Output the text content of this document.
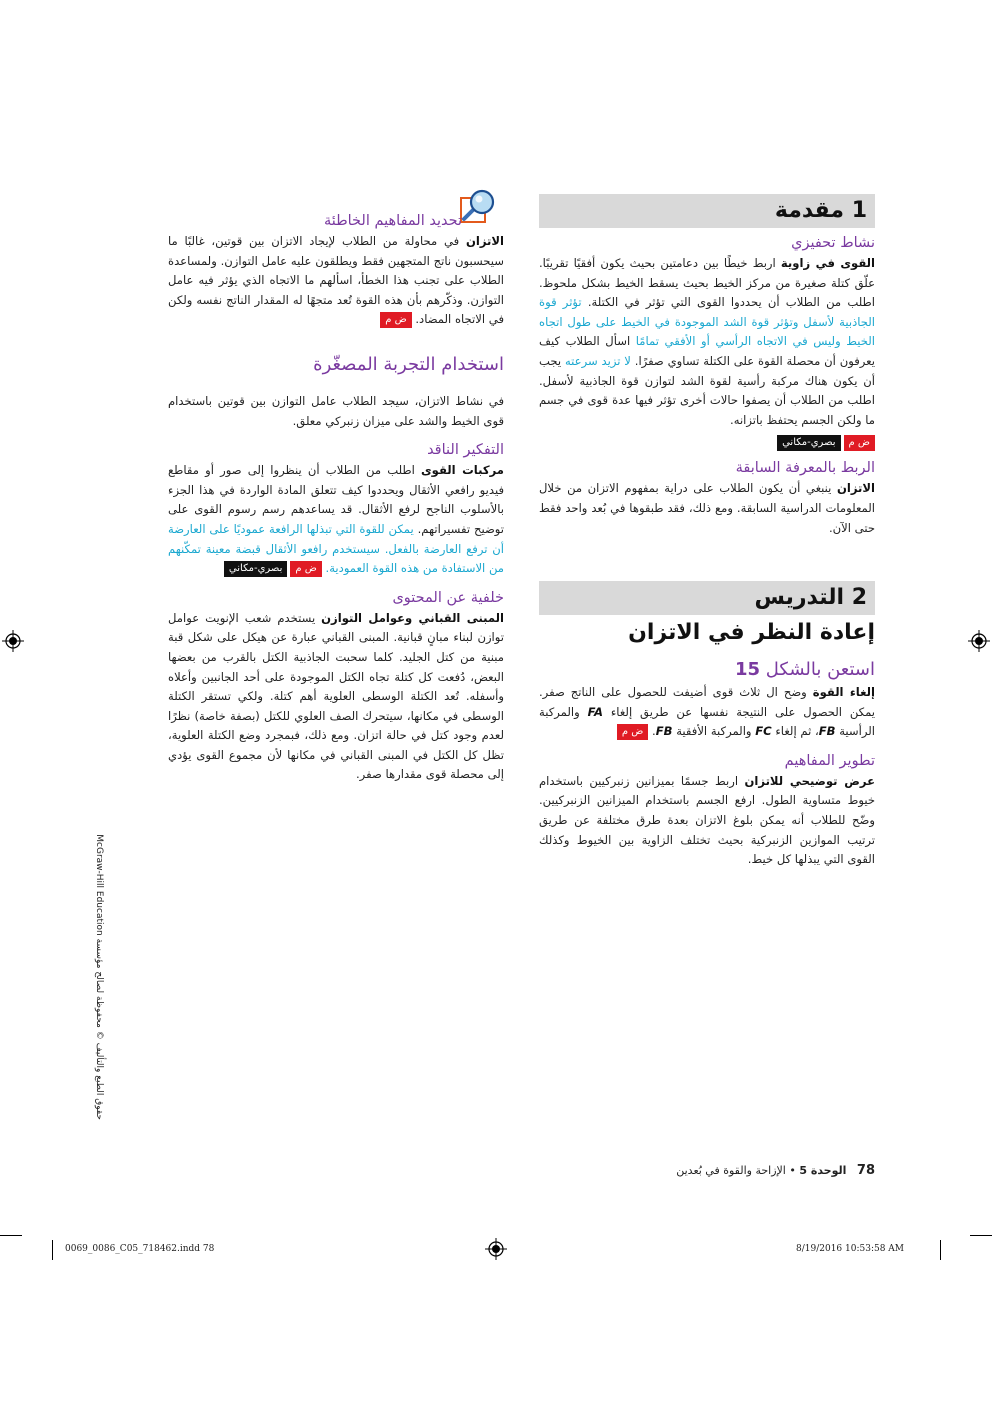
1 مقدمة

نشاط تحفيزي

القوى في زاوية اربط خيطًا بين دعامتين بحيث يكون أفقيًا تقريبًا. علّق كتلة صغيرة من مركز الخيط بحيث يسقط الخيط بشكل ملحوظ. اطلب من الطلاب أن يحددوا القوى التي تؤثر في الكتلة. تؤثر قوة الجاذبية لأسفل وتؤثر قوة الشد الموجودة في الخيط على طول اتجاه الخيط وليس في الاتجاه الرأسي أو الأفقي تمامًا اسأل الطلاب كيف يعرفون أن محصلة القوة على الكتلة تساوي صفرًا. لا تزيد سرعته يجب أن يكون هناك مركبة رأسية لقوة الشد لتوازن قوة الجاذبية لأسفل. اطلب من الطلاب أن يصفوا حالات أخرى تؤثر فيها عدة قوى في جسم ما ولكن الجسم يحتفظ باتزانه.

ض مبصري-مكاني

الربط بالمعرفة السابقة

الاتزان ينبغي أن يكون الطلاب على دراية بمفهوم الاتزان من خلال المعلومات الدراسية السابقة. ومع ذلك، فقد طبقوها في بُعد واحد فقط حتى الآن.

2 التدريس
إعادة النظر في الاتزان

استعن بالشكل 15

إلغاء القوة وضح ال ثلاث قوى أضيفت للحصول على الناتج صفر. يمكن الحصول على النتيجة نفسها عن طريق إلغاء FA والمركبة الرأسية FB، ثم إلغاء FC والمركبة الأفقية FB. ض م

تطوير المفاهيم

عرض توضيحي للاتزان اربط جسمًا بميزانين زنبركيين باستخدام خيوط متساوية الطول. ارفع الجسم باستخدام الميزانين الزنبركيين. وضّح للطلاب أنه يمكن بلوغ الاتزان بعدة طرق مختلفة عن طريق ترتيب الموازين الزنبركية بحيث تختلف الزاوية بين الخيوط وكذلك القوى التي يبذلها كل خيط.

تحديد المفاهيم الخاطئة

الاتزان في محاولة من الطلاب لإيجاد الاتزان بين قوتين، غالبًا ما سيحسبون ناتج المتجهين فقط ويطلقون عليه عامل التوازن. ولمساعدة الطلاب على تجنب هذا الخطأ، اسألهم ما الاتجاه الذي يؤثر فيه عامل التوازن. وذكّرهم بأن هذه القوة تُعد متجهًا له المقدار الناتج نفسه ولكن في الاتجاه المضاد. ض م

استخدام التجربة المصغّرة

في نشاط الاتزان، سيجد الطلاب عامل التوازن بين قوتين باستخدام قوى الخيط والشد على ميزان زنبركي معلق.

التفكير الناقد

مركبات القوى اطلب من الطلاب أن ينظروا إلى صور أو مقاطع فيديو رافعي الأثقال ويحددوا كيف تتعلق المادة الواردة في هذا الجزء بالأسلوب الناجح لرفع الأثقال. قد يساعدهم رسم رسوم القوى على توضيح تفسيراتهم. يمكن للقوة التي تبذلها الرافعة عموديًا على العارضة أن ترفع العارضة بالفعل. سيستخدم رافعو الأثقال قبضة معينة تمكّنهم من الاستفادة من هذه القوة العمودية. ض مبصري-مكاني

خلفية عن المحتوى

المبنى القباني وعوامل التوازن يستخدم شعب الإنويت عوامل توازن لبناء مبانٍ قبانية. المبنى القباني عبارة عن هيكل على شكل قبة مبنية من كتل الجليد. كلما سحبت الجاذبية الكتل بالقرب من بعضها البعض، دُفعت كل كتلة تجاه الكتل الموجودة على أحد الجانبين وأعلاه وأسفله. تُعد الكتلة الوسطى العلوية أهم كتلة. ولكي تستقر الكتلة الوسطى في مكانها، سيتحرك الصف العلوي للكتل (بصفة خاصة) نظرًا لعدم وجود كتل في حالة اتزان. ومع ذلك، فبمجرد وضع الكتلة العلوية، تظل كل الكتل في المبنى القباني في مكانها لأن مجموع القوى يؤدي إلى محصلة قوى مقدارها صفر.

حقوق الطبع والتأليف © محفوظة لصالح مؤسسة McGraw-Hill Education
78   الوحدة 5 • الإزاحة والقوة في بُعدين
0069_0086_C05_718462.indd 78	8/19/2016 10:53:58 AM
